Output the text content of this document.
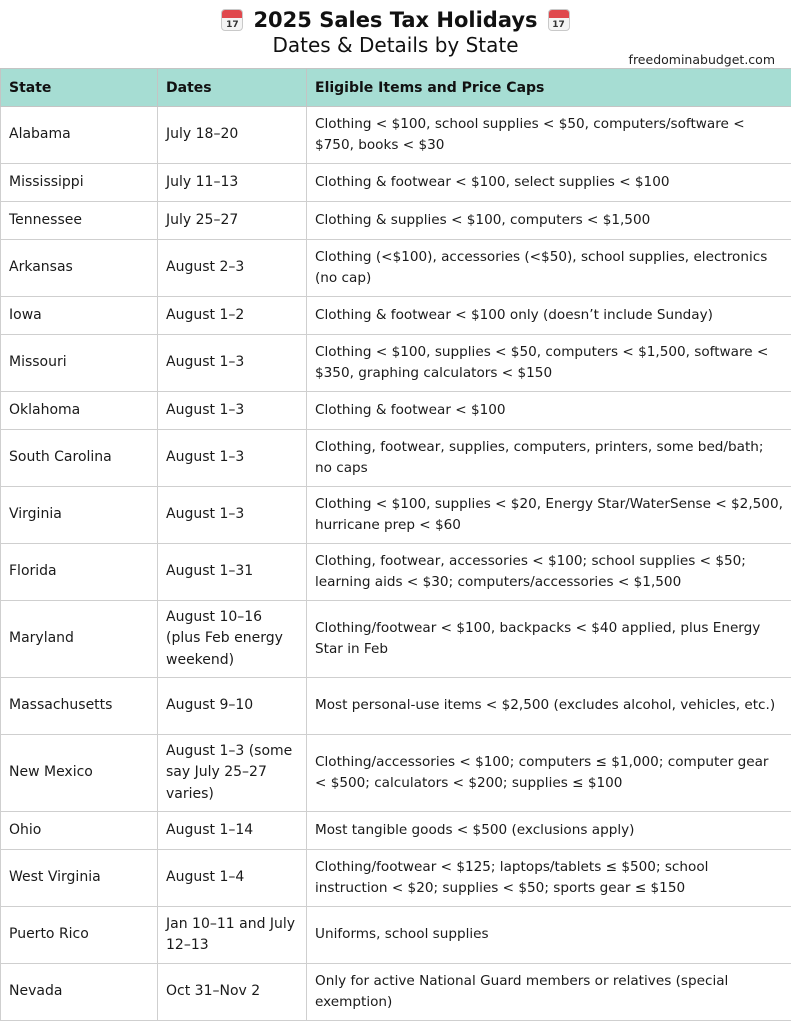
17 2025 Sales Tax Holidays	17
Dates & Details by State
freedominabudget.com
State	Dates	Eligible Items and Price Caps
Alabama	July 18–20	Clothing < $100, school supplies < $50, computers/software < $750, books < $30
Mississippi	July 11–13	Clothing & footwear < $100, select supplies < $100
Tennessee	July 25–27	Clothing & supplies < $100, computers < $1,500
Arkansas	August 2–3	Clothing (<$100), accessories (<$50), school supplies, electronics (no cap)
Iowa	August 1–2	Clothing & footwear < $100 only (doesn’t include Sunday)
Missouri	August 1–3	Clothing < $100, supplies < $50, computers < $1,500, software < $350, graphing calculators < $150
Oklahoma	August 1–3	Clothing & footwear < $100
South Carolina	August 1–3	Clothing, footwear, supplies, computers, printers, some bed/bath; no caps
Virginia	August 1–3	Clothing < $100, supplies < $20, Energy Star/WaterSense < $2,500, hurricane prep < $60
Florida	August 1–31	Clothing, footwear, accessories < $100; school supplies < $50; learning aids < $30; computers/accessories < $1,500
Maryland	August 10–16 (plus Feb energy weekend)	Clothing/footwear < $100, backpacks < $40 applied, plus Energy Star in Feb
Massachusetts	August 9–10	Most personal-use items < $2,500 (excludes alcohol, vehicles, etc.)
New Mexico	August 1–3 (some say July 25–27 varies)	Clothing/accessories < $100; computers ≤ $1,000; computer gear < $500; calculators < $200; supplies ≤ $100
Ohio	August 1–14	Most tangible goods < $500 (exclusions apply)
West Virginia	August 1–4	Clothing/footwear < $125; laptops/tablets ≤ $500; school instruction < $20; supplies < $50; sports gear ≤ $150
Puerto Rico	Jan 10–11 and July 12–13	Uniforms, school supplies
Nevada	Oct 31–Nov 2	Only for active National Guard members or relatives (special exemption)
